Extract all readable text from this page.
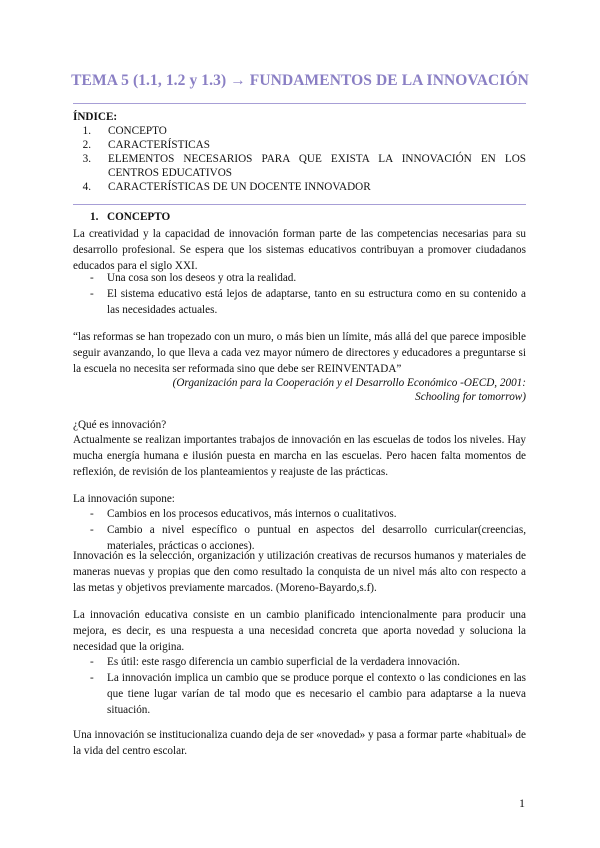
TEMA 5 (1.1, 1.2 y 1.3) → FUNDAMENTOS DE LA INNOVACIÓN
ÍNDICE:
1. CONCEPTO
2. CARACTERÍSTICAS
3. ELEMENTOS NECESARIOS PARA QUE EXISTA LA INNOVACIÓN EN LOS CENTROS EDUCATIVOS
4. CARACTERÍSTICAS DE UN DOCENTE INNOVADOR
1. CONCEPTO

La creatividad y la capacidad de innovación forman parte de las competencias necesarias para su desarrollo profesional. Se espera que los sistemas educativos contribuyan a promover ciudadanos educados para el siglo XXI.

-	Una cosa son los deseos y otra la realidad.
-	El sistema educativo está lejos de adaptarse, tanto en su estructura como en su contenido a las necesidades actuales.

“las reformas se han tropezado con un muro, o más bien un límite, más allá del que parece imposible seguir avanzando, lo que lleva a cada vez mayor número de directores y educadores a preguntarse si la escuela no necesita ser reformada sino que debe ser REINVENTADA”

(Organización para la Cooperación y el Desarrollo Económico -OECD, 2001:

Schooling for tomorrow)

¿Qué es innovación?

Actualmente se realizan importantes trabajos de innovación en las escuelas de todos los niveles. Hay mucha energía humana e ilusión puesta en marcha en las escuelas. Pero hacen falta momentos de reflexión, de revisión de los planteamientos y reajuste de las prácticas.

La innovación supone:

-	Cambios en los procesos educativos, más internos o cualitativos.
-	Cambio a nivel específico o puntual en aspectos del desarrollo curricular(creencias, materiales, prácticas o acciones).

Innovación es la selección, organización y utilización creativas de recursos humanos y materiales de maneras nuevas y propias que den como resultado la conquista de un nivel más alto con respecto a las metas y objetivos previamente marcados. (Moreno-Bayardo,s.f).

La innovación educativa consiste en un cambio planificado intencionalmente para producir una mejora, es decir, es una respuesta a una necesidad concreta que aporta novedad y soluciona la necesidad que la origina.

-	Es útil: este rasgo diferencia un cambio superficial de la verdadera innovación.
-	La innovación implica un cambio que se produce porque el contexto o las condiciones en las que tiene lugar varían de tal modo que es necesario el cambio para adaptarse a la nueva situación.

Una innovación se institucionaliza cuando deja de ser «novedad» y pasa a formar parte «habitual» de la vida del centro escolar.

1
